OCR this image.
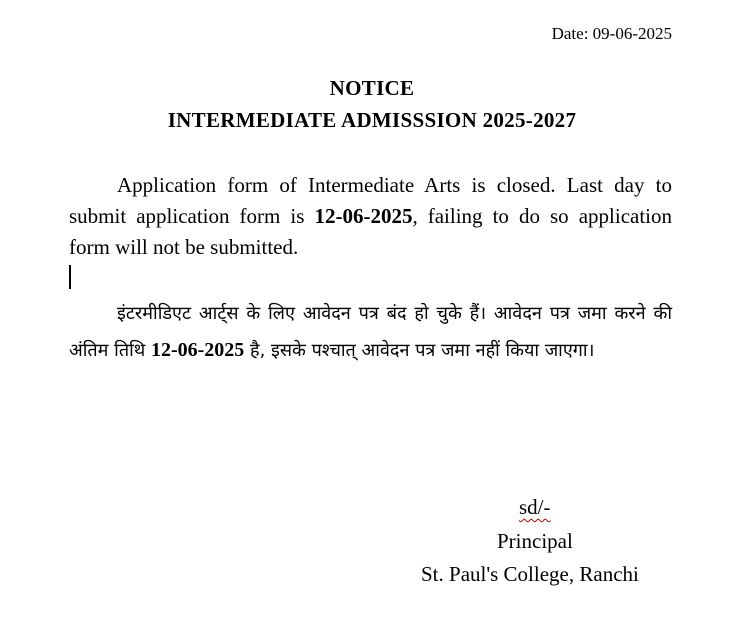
Date: 09-06-2025
NOTICE
INTERMEDIATE ADMISSSION 2025-2027

Application form of Intermediate Arts is closed. Last day to submit application form is 12-06-2025, failing to do so application form will not be submitted.

इंटरमीडिएट आर्ट्स के लिए आवेदन पत्र बंद हो चुके हैं। आवेदन पत्र जमा करने की अंतिम तिथि 12-06-2025 है, इसके पश्चात् आवेदन पत्र जमा नहीं किया जाएगा।

sd/-
Principal
St. Paul's College, Ranchi
